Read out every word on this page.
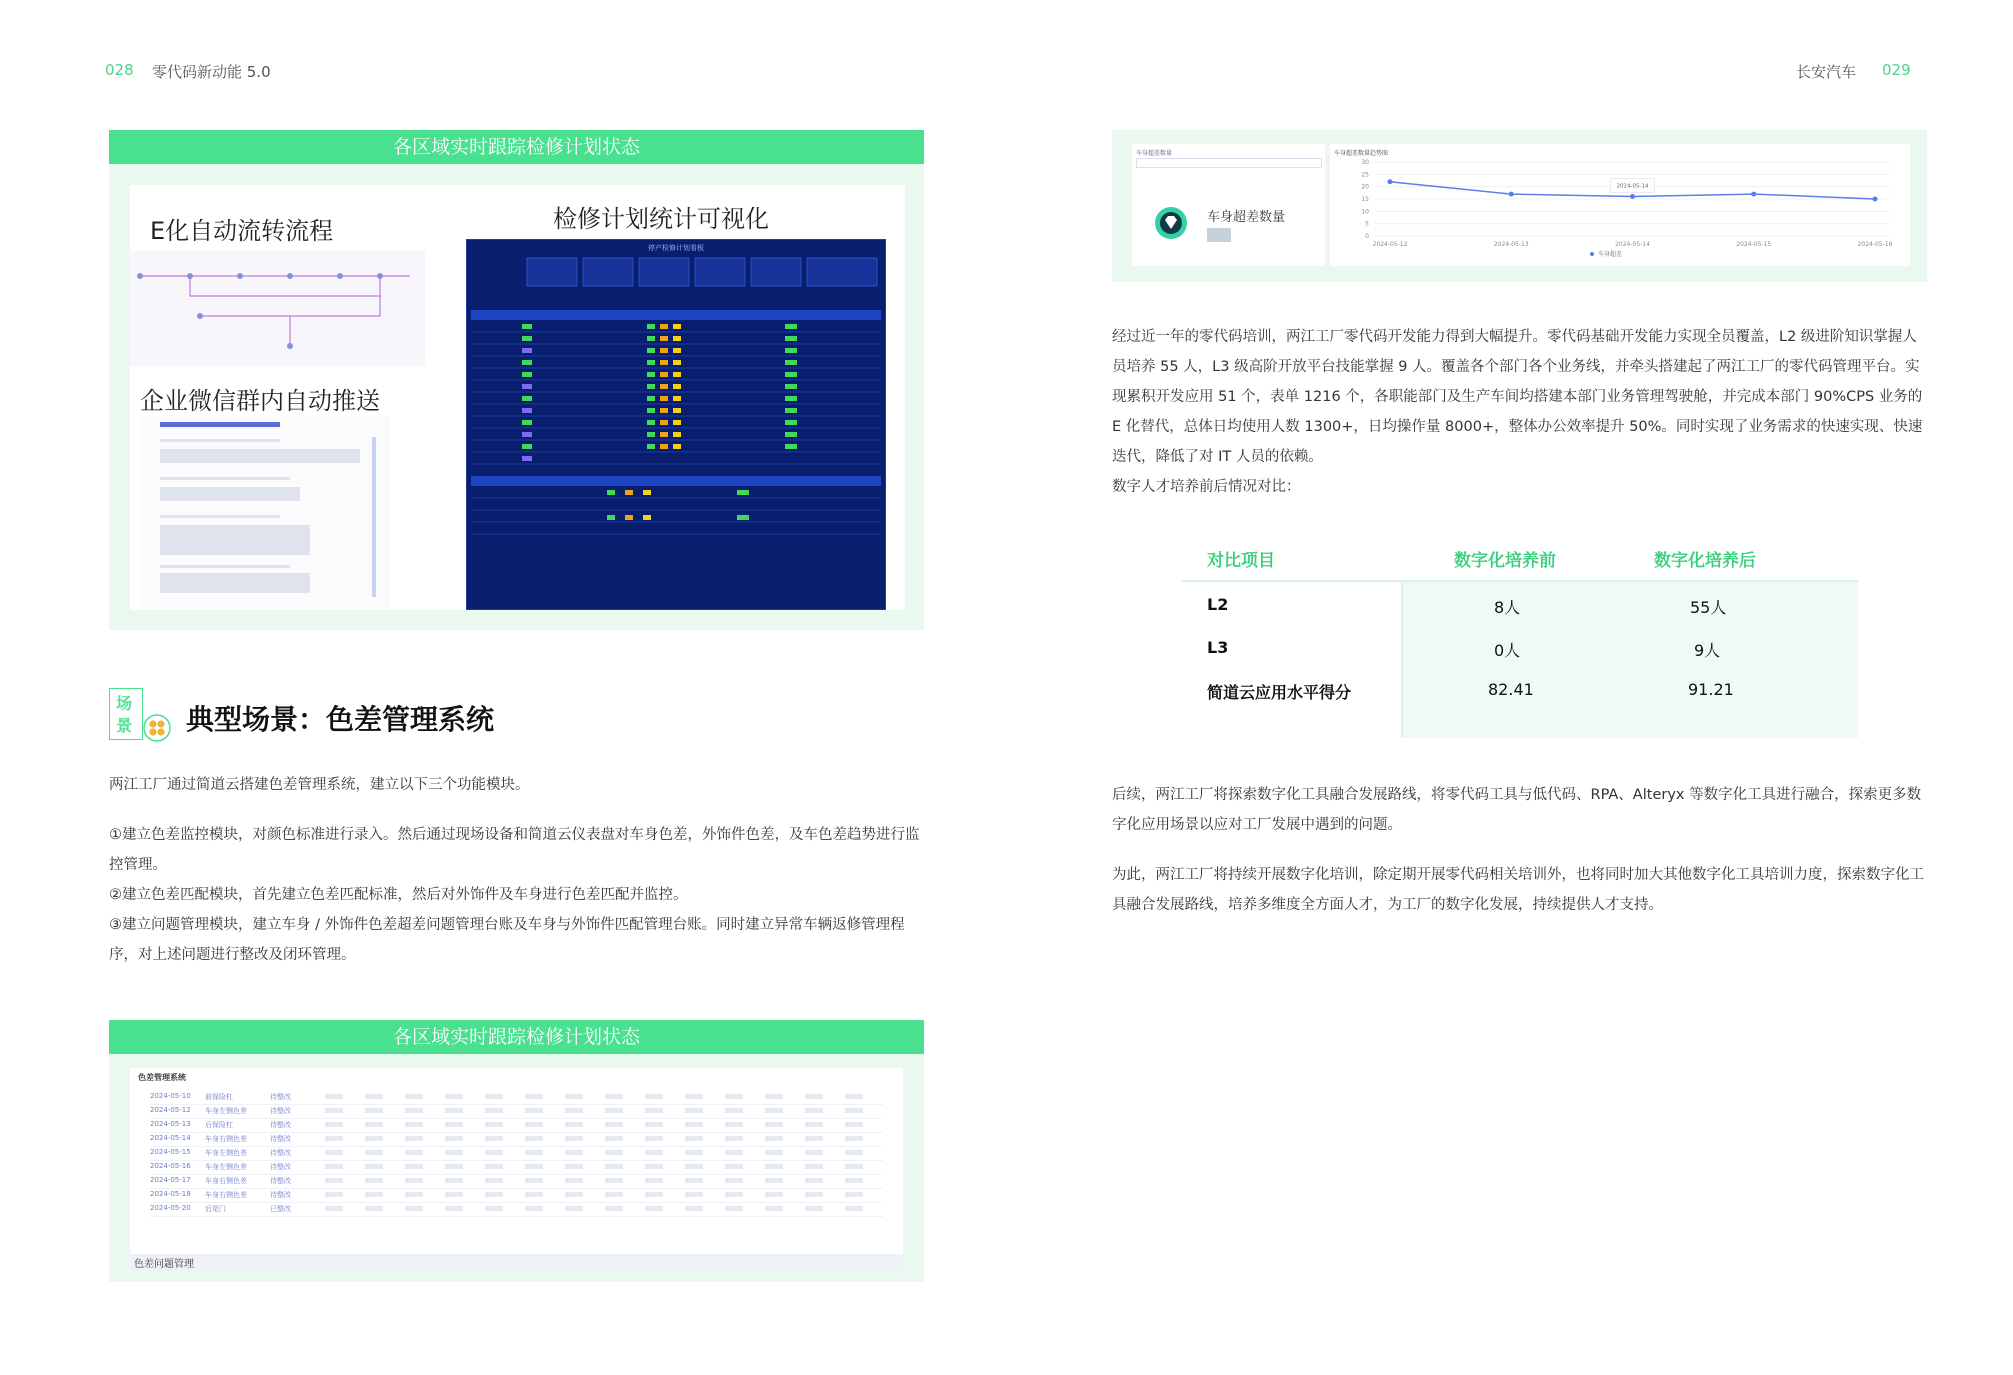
028 零代码新动能 5.0	长安汽车 029
各区域实时跟踪检修计划状态
E化自动流转流程	检修计划统计可视化
停产检修计划看板
企业微信群内自动推送
场
景 典型场景：色差管理系统

两江工厂通过简道云搭建色差管理系统，建立以下三个功能模块。

①建立色差监控模块，对颜色标准进行录入。然后通过现场设备和简道云仪表盘对车身色差，外饰件色差，及车色差趋势进行监控管理。

②建立色差匹配模块，首先建立色差匹配标准，然后对外饰件及车身进行色差匹配并监控。

③建立问题管理模块，建立车身 / 外饰件色差超差问题管理台账及车身与外饰件匹配管理台账。同时建立异常车辆返修管理程序，对上述问题进行整改及闭环管理。

各区域实时跟踪检修计划状态
色差管理系统
2024-05-10 前保险杠	待整改
2024-05-12 车身左侧色差	待整改
2024-05-13 后保险杠	待整改
2024-05-14 车身右侧色差	待整改
2024-05-15 车身左侧色差	待整改
2024-05-16 车身左侧色差	待整改
2024-05-17 车身右侧色差	待整改
2024-05-18 车身右侧色差	待整改
2024-05-20 后尾门	已整改
色差问题管理
车身超差数量
车身超差数量
车身超差数量趋势图
30
25
20
15
10
5
0
2024-05-12	2024-05-13	2024-05-14	2024-05-15	2024-05-16
2024-05-14
车身超差

经过近一年的零代码培训，两江工厂零代码开发能力得到大幅提升。零代码基础开发能力实现全员覆盖，L2 级进阶知识掌握人员培养 55 人，L3 级高阶开放平台技能掌握 9 人。覆盖各个部门各个业务线，并牵头搭建起了两江工厂的零代码管理平台。实现累积开发应用 51 个，表单 1216 个，各职能部门及生产车间均搭建本部门业务管理驾驶舱，并完成本部门 90%CPS 业务的 E 化替代，总体日均使用人数 1300+，日均操作量 8000+，整体办公效率提升 50%。同时实现了业务需求的快速实现、快速迭代，降低了对 IT 人员的依赖。

数字人才培养前后情况对比：

对比项目	数字化培养前	数字化培养后
L2	8人	55人
L3	0人	9人
简道云应用水平得分	82.41	91.21

后续，两江工厂将探索数字化工具融合发展路线，将零代码工具与低代码、RPA、Alteryx 等数字化工具进行融合，探索更多数字化应用场景以应对工厂发展中遇到的问题。

为此，两江工厂将持续开展数字化培训，除定期开展零代码相关培训外，也将同时加大其他数字化工具培训力度，探索数字化工具融合发展路线，培养多维度全方面人才，为工厂的数字化发展，持续提供人才支持。
